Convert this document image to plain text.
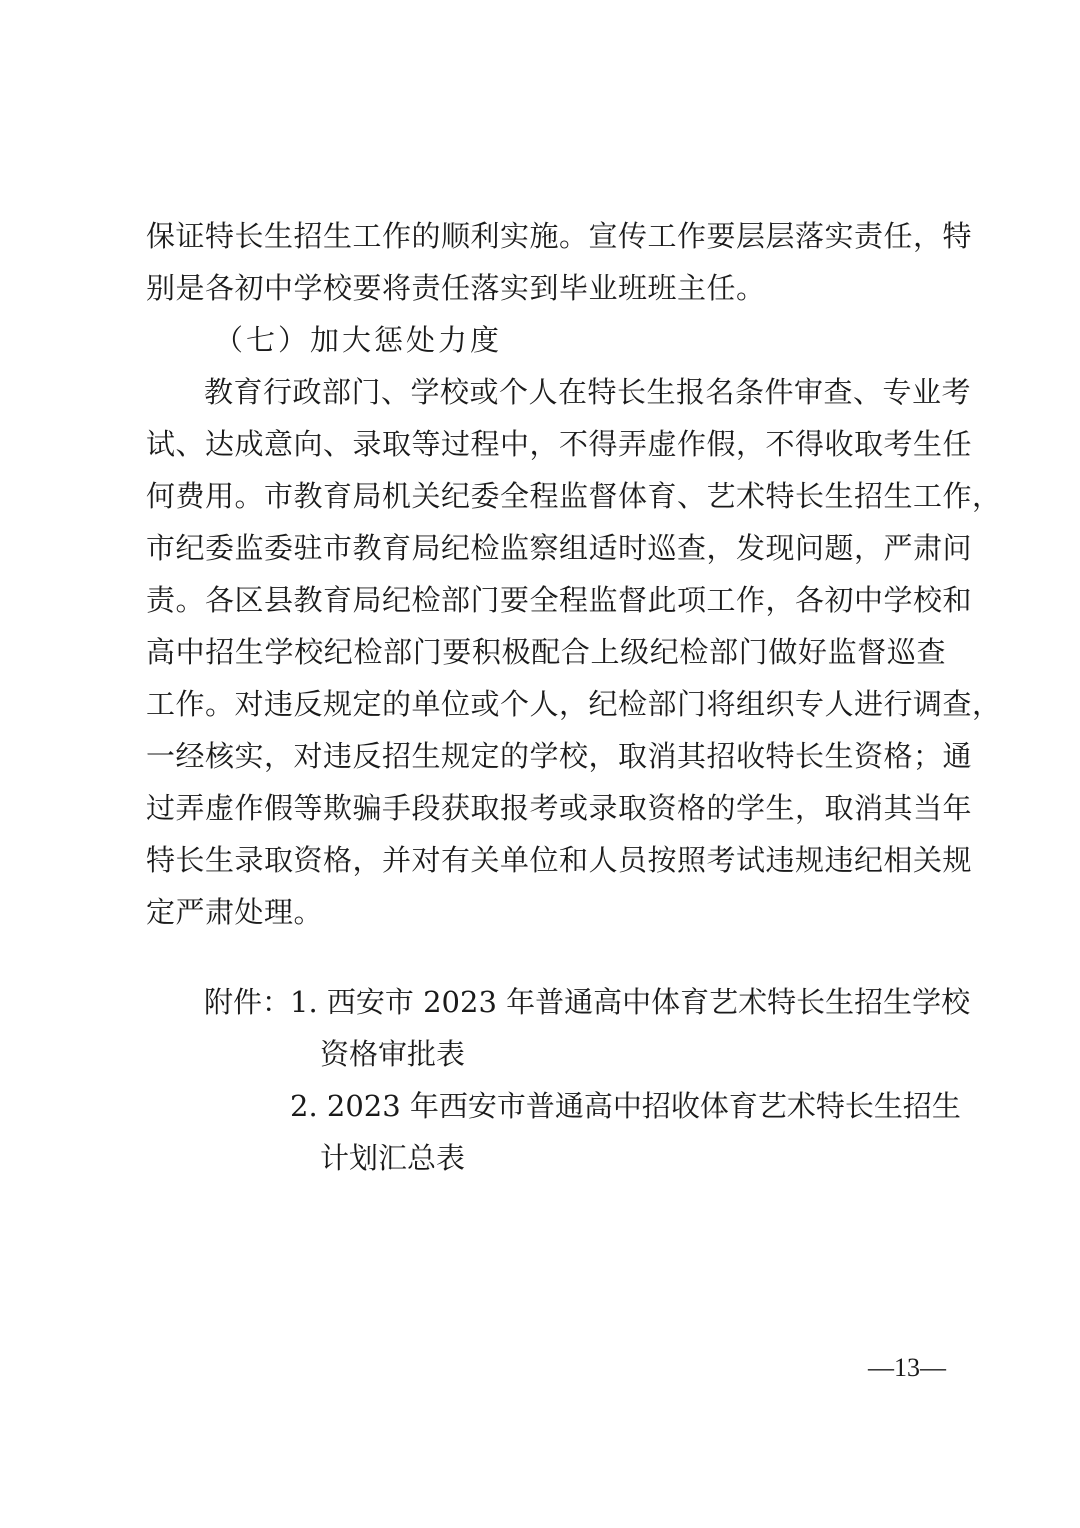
保证特长生招生工作的顺利实施。宣传工作要层层落实责任，特
别是各初中学校要将责任落实到毕业班班主任。
（七）加大惩处力度
教育行政部门、学校或个人在特长生报名条件审查、专业考
试、达成意向、录取等过程中，不得弄虚作假，不得收取考生任
何费用。市教育局机关纪委全程监督体育、艺术特长生招生工作，
市纪委监委驻市教育局纪检监察组适时巡查，发现问题，严肃问
责。各区县教育局纪检部门要全程监督此项工作，各初中学校和
高中招生学校纪检部门要积极配合上级纪检部门做好监督巡查
工作。对违反规定的单位或个人，纪检部门将组织专人进行调查，
一经核实，对违反招生规定的学校，取消其招收特长生资格；通
过弄虚作假等欺骗手段获取报考或录取资格的学生，取消其当年
特长生录取资格，并对有关单位和人员按照考试违规违纪相关规
定严肃处理。
附件：
1. 西安市 2023 年普通高中体育艺术特长生招生学校
资格审批表
2. 2023 年西安市普通高中招收体育艺术特长生招生
计划汇总表
—13—
